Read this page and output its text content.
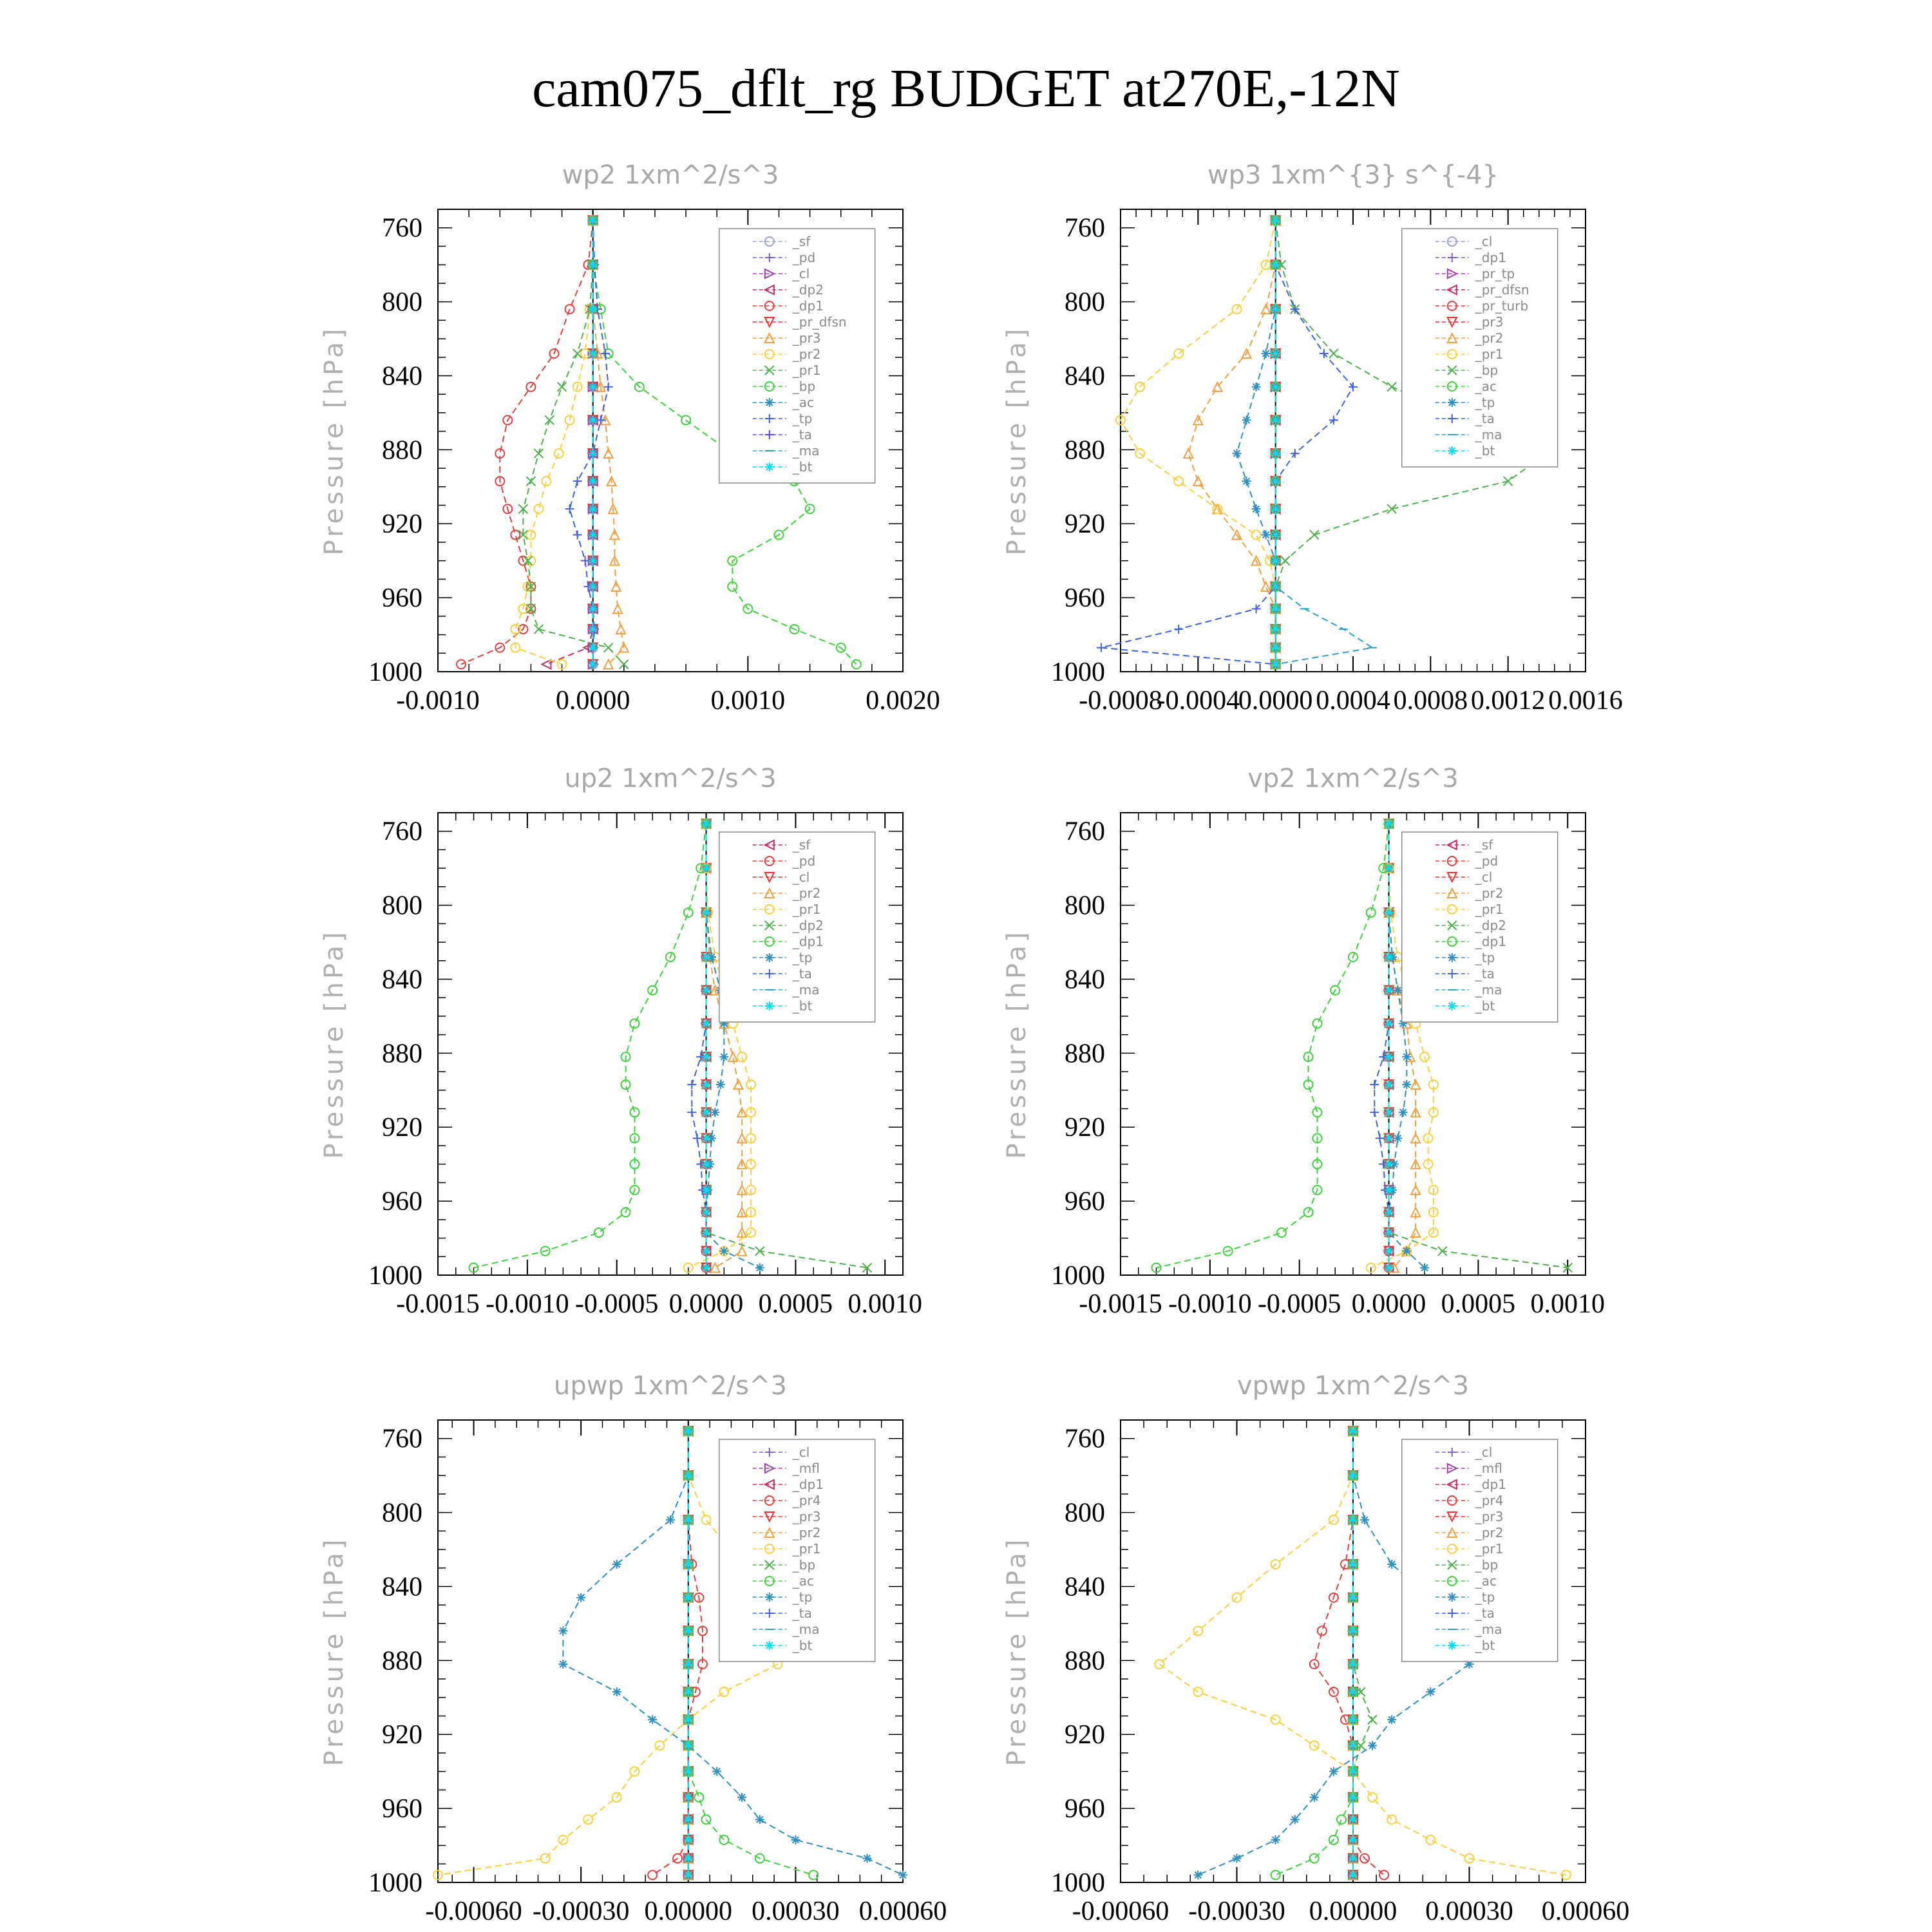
cam075_dflt_rg BUDGET at270E,-12N
wp2 1xm^2/s^3
760
800
840
880
920
960
1000
-0.0010	0.0000	0.0010	0.0020
Pressure [hPa]
_sf
_pd
_cl
_dp2
_dp1
_pr_dfsn
_pr3
_pr2
_pr1
_bp
_ac
_tp
_ta
_ma
_bt
wp3 1xm^{3} s^{-4}
760
800
840
880
920
960
1000
-0.0008
-0.0004
0.0000 0.0004 0.0008 0.0012 0.0016
Pressure [hPa]
_cl
_dp1
_pr_tp
_pr_dfsn
_pr_turb
_pr3
_pr2
_pr1
_bp
_ac
_tp
_ta
_ma
_bt
up2 1xm^2/s^3
760
800
840
880
920
960
1000
-0.0015 -0.0010 -0.0005 0.0000 0.0005 0.0010
Pressure [hPa]
_sf
_pd
_cl
_pr2
_pr1
_dp2
_dp1
_tp
_ta
_ma
_bt
vp2 1xm^2/s^3
760
800
840
880
920
960
1000
-0.0015 -0.0010 -0.0005 0.0000 0.0005 0.0010
Pressure [hPa]
_sf
_pd
_cl
_pr2
_pr1
_dp2
_dp1
_tp
_ta
_ma
_bt
upwp 1xm^2/s^3
760
800
840
880
920
960
1000
-0.00060 -0.00030 0.00000 0.00030 0.00060
Pressure [hPa]
_cl
_mfl
_dp1
_pr4
_pr3
_pr2
_pr1
_bp
_ac
_tp
_ta
_ma
_bt
vpwp 1xm^2/s^3
760
800
840
880
920
960
1000
-0.00060 -0.00030 0.00000 0.00030 0.00060
Pressure [hPa]
_cl
_mfl
_dp1
_pr4
_pr3
_pr2
_pr1
_bp
_ac
_tp
_ta
_ma
_bt
